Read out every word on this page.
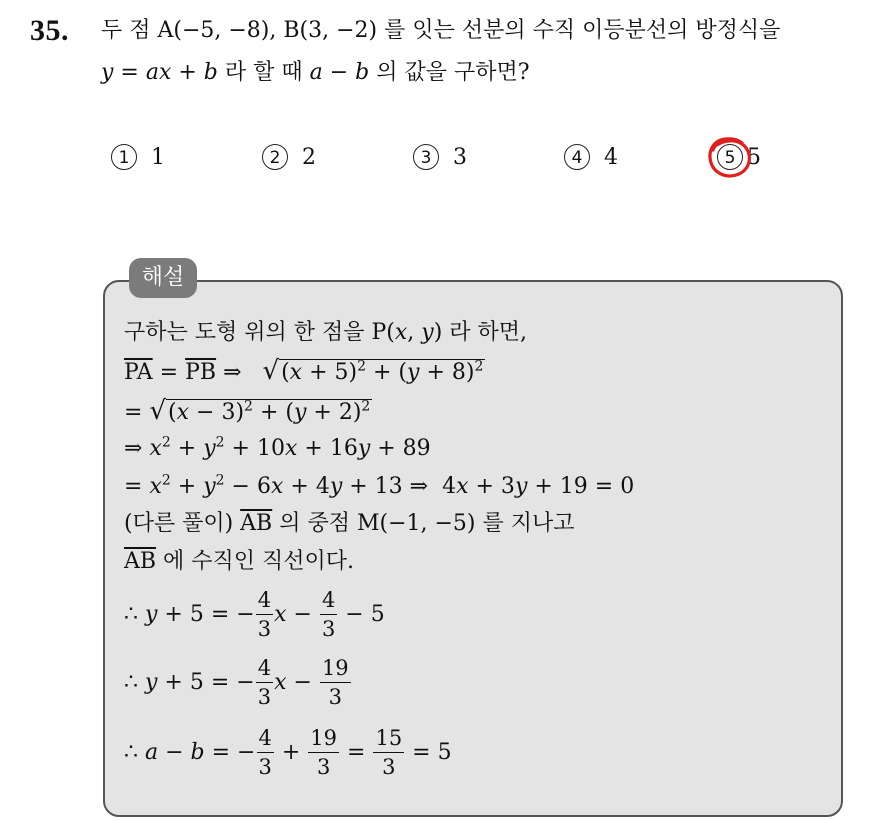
35. 두 점 A(−5, −8), B(3, −2) 를 잇는 선분의 수직 이등분선의 방정식을
y = ax + b 라 할 때 a − b 의 값을 구하면?
1 1	2 2	3 3	4 4	5 5
해설
구하는 도형 위의 한 점을 P(x, y) 라 하면,
$\overline{PA} = \overline{PB}$ ⇒   $√(x + 5)^2 + (y + 8)^2$
= $√(x - 3)^2 + (y + 2)^2$
⇒ $x^2 + y^2 + 10x + 16y + 89$
= $x^2 + y^2 - 6x + 4y + 13$ ⇒  4x + 3y + 19 = 0
(다른 풀이) $\overline{AB}$ 의 중점 M(−1, −5) 를 지나고
$\overline{AB}$ 에 수직인 직선이다.
∴ y + 5 = − $\frac{4}{3}$ $x - \frac{4}{3} - 5$
∴ y + 5 = − $\frac{4}{3}$ $x - \frac{19}{3}$
∴ a − b = − $\frac{4}{3} + \frac{19}{3} = \frac{15}{3} = 5$
